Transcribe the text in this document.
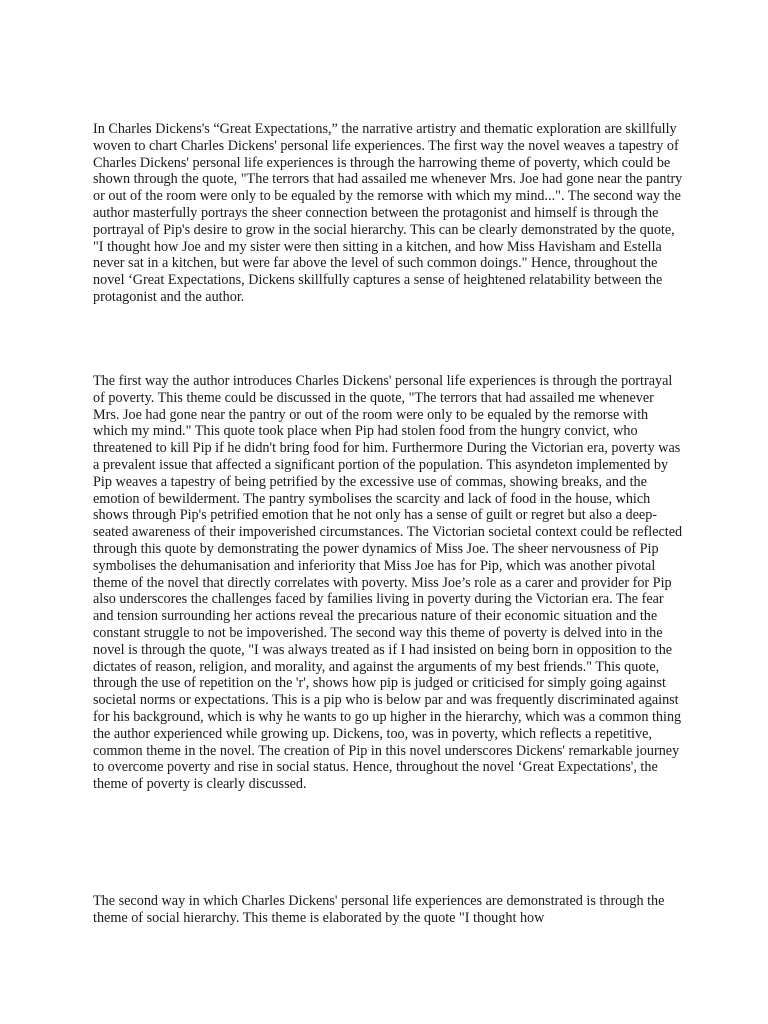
In Charles Dickens's “Great Expectations,” the narrative artistry and thematic exploration are skillfully woven to chart Charles Dickens' personal life experiences. The first way the novel weaves a tapestry of Charles Dickens' personal life experiences is through the harrowing theme of poverty, which could be shown through the quote, "The terrors that had assailed me whenever Mrs. Joe had gone near the pantry or out of the room were only to be equaled by the remorse with which my mind...". The second way the author masterfully portrays the sheer connection between the protagonist and himself is through the portrayal of Pip's desire to grow in the social hierarchy. This can be clearly demonstrated by the quote, "I thought how Joe and my sister were then sitting in a kitchen, and how Miss Havisham and Estella never sat in a kitchen, but were far above the level of such common doings." Hence, throughout the novel ‘Great Expectations, Dickens skillfully captures a sense of heightened relatability between the protagonist and the author.

The first way the author introduces Charles Dickens' personal life experiences is through the portrayal of poverty. This theme could be discussed in the quote, "The terrors that had assailed me whenever Mrs. Joe had gone near the pantry or out of the room were only to be equaled by the remorse with which my mind." This quote took place when Pip had stolen food from the hungry convict, who threatened to kill Pip if he didn't bring food for him. Furthermore During the Victorian era, poverty was a prevalent issue that affected a significant portion of the population. This asyndeton implemented by Pip weaves a tapestry of being petrified by the excessive use of commas, showing breaks, and the emotion of bewilderment. The pantry symbolises the scarcity and lack of food in the house, which shows through Pip's petrified emotion that he not only has a sense of guilt or regret but also a deep-seated awareness of their impoverished circumstances. The Victorian societal context could be reflected through this quote by demonstrating the power dynamics of Miss Joe. The sheer nervousness of Pip symbolises the dehumanisation and inferiority that Miss Joe has for Pip, which was another pivotal theme of the novel that directly correlates with poverty. Miss Joe’s role as a carer and provider for Pip also underscores the challenges faced by families living in poverty during the Victorian era. The fear and tension surrounding her actions reveal the precarious nature of their economic situation and the constant struggle to not be impoverished. The second way this theme of poverty is delved into in the novel is through the quote, "I was always treated as if I had insisted on being born in opposition to the dictates of reason, religion, and morality, and against the arguments of my best friends." This quote, through the use of repetition on the 'r', shows how pip is judged or criticised for simply going against societal norms or expectations. This is a pip who is below par and was frequently discriminated against for his background, which is why he wants to go up higher in the hierarchy, which was a common thing the author experienced while growing up. Dickens, too, was in poverty, which reflects a repetitive, common theme in the novel. The creation of Pip in this novel underscores Dickens' remarkable journey to overcome poverty and rise in social status. Hence, throughout the novel ‘Great Expectations', the theme of poverty is clearly discussed.

The second way in which Charles Dickens' personal life experiences are demonstrated is through the theme of social hierarchy. This theme is elaborated by the quote "I thought how
